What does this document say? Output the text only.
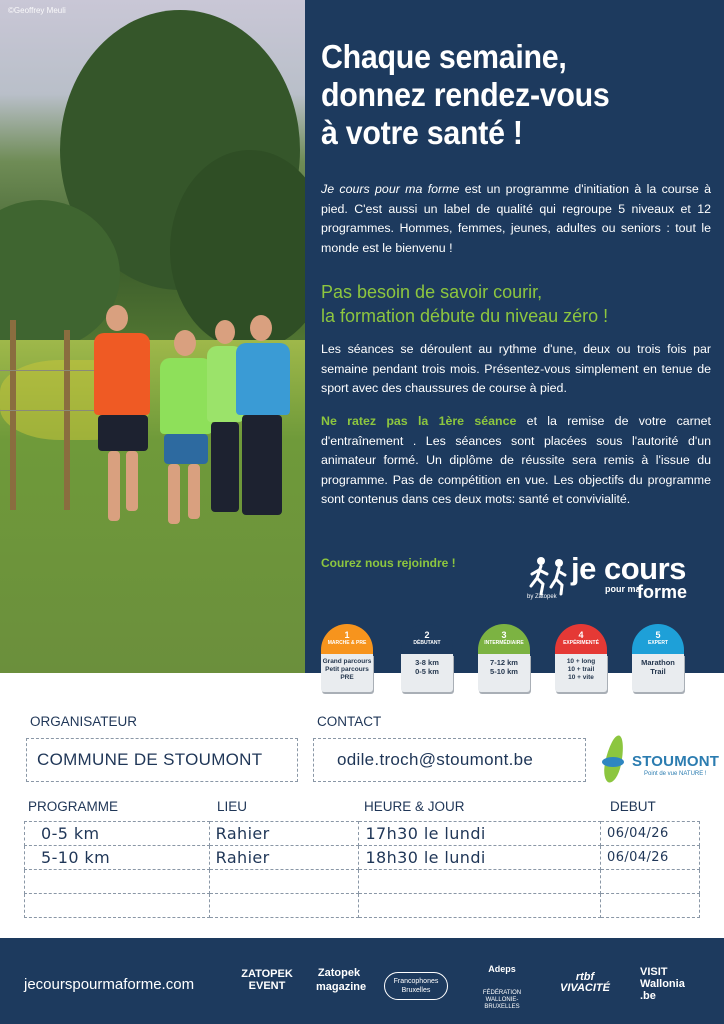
©Geoffrey Meuli
Chaque semaine,
donnez rendez-vous
à votre santé !
Je cours pour ma forme est un programme d'initiation à la course à pied. C'est aussi un label de qualité qui regroupe 5 niveaux et 12 programmes. Hommes, femmes, jeunes, adultes ou seniors : tout le monde est le bienvenu !
Pas besoin de savoir courir,
la formation débute du niveau zéro !
Les séances se déroulent au rythme d'une, deux ou trois fois par semaine pendant trois mois. Présentez-vous simplement en tenue de sport avec des chaussures de course à pied.
Ne ratez pas la 1ère séance et la remise de votre carnet d'entraînement . Les séances sont placées sous l'autorité d'un animateur formé. Un diplôme de réussite sera remis à l'issue du programme. Pas de compétition en vue. Les objectifs du programme sont contenus dans ces deux mots: santé et convivialité.
Courez nous rejoindre !	je cours
pour ma
forme
by Zatopek
1
MARCHE & PRE
Grand parcours
Petit parcours
PRE
2
DÉBUTANT
3-8 km
0-5 km
3
INTERMÉDIAIRE
7-12 km
5-10 km
4
EXPÉRIMENTÉ
10 + long
10 + trail
10 + vite
5
EXPERT
Marathon
Trail
ORGANISATEUR
COMMUNE DE STOUMONT
CONTACT
odile.troch@stoumont.be	STOUMONT
Point de vue NATURE !
PROGRAMME	LIEU	HEURE & JOUR	DEBUT
0-5 km	Rahier	17h30 le lundi	06/04/26
5-10 km	Rahier	18h30 le lundi	06/04/26

jecourspourmaforme.com
ZATOPEK EVENT
Zatopek magazine	Francophones Bruxelles
Adeps
FÉDÉRATION WALLONIE-BRUXELLES
rtbf VIVACITÉ
VISIT Wallonia .be
